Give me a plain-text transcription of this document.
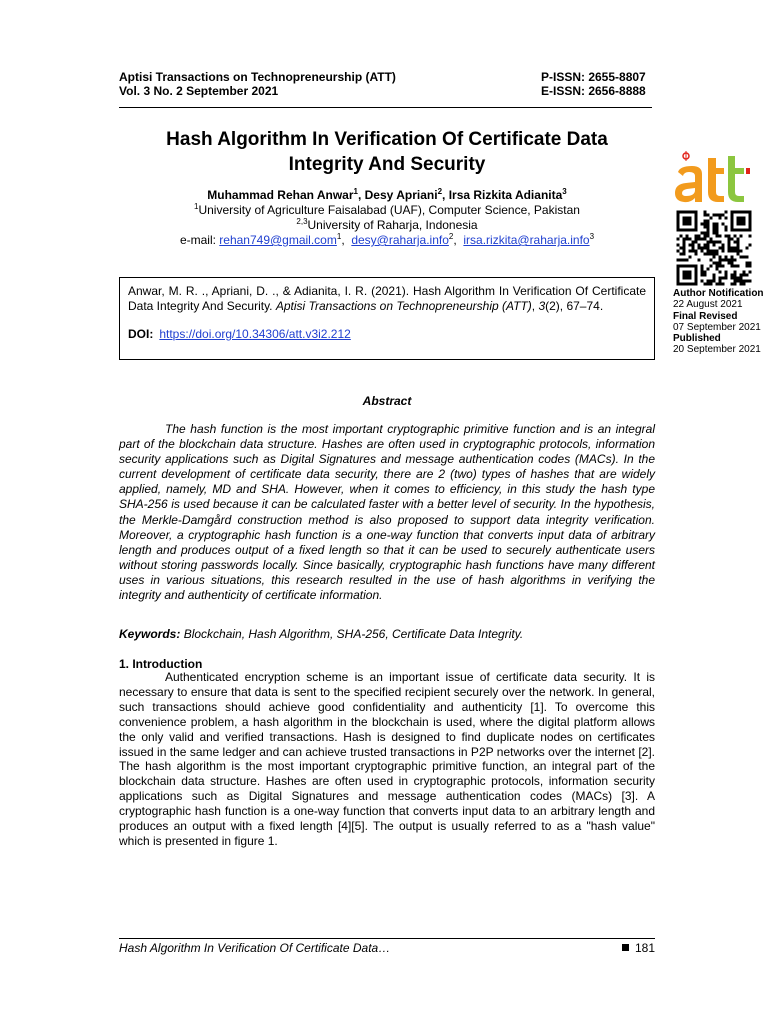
Aptisi Transactions on Technopreneurship (ATT)
Vol. 3 No. 2 September 2021
P-ISSN: 2655-8807
E-ISSN: 2656-8888
Hash Algorithm In Verification Of Certificate Data
Integrity And Security
Muhammad Rehan Anwar$^1$, Desy Apriani$^2$, Irsa Rizkita Adianita$^3$
$^1$University of Agriculture Faisalabad (UAF), Computer Science, Pakistan
$^{2,3}$University of Raharja, Indonesia
e-mail: rehan749@gmail.com$^1$,  desy@raharja.info$^2$,  irsa.rizkita@raharja.info$^3$
Author Notification
22 August 2021
Final Revised
07 September 2021
Published
20 September 2021

Anwar, M. R. ., Apriani, D. ., & Adianita, I. R. (2021). Hash Algorithm In Verification Of Certificate Data Integrity And Security. Aptisi Transactions on Technopreneurship (ATT), 3(2), 67–74.

DOI: https://doi.org/10.34306/att.v3i2.212
Abstract

The hash function is the most important cryptographic primitive function and is an integral part of the blockchain data structure. Hashes are often used in cryptographic protocols, information security applications such as Digital Signatures and message authentication codes (MACs). In the current development of certificate data security, there are 2 (two) types of hashes that are widely applied, namely, MD and SHA. However, when it comes to efficiency, in this study the hash type SHA-256 is used because it can be calculated faster with a better level of security. In the hypothesis, the Merkle-Damgård construction method is also proposed to support data integrity verification. Moreover, a cryptographic hash function is a one-way function that converts input data of arbitrary length and produces output of a fixed length so that it can be used to securely authenticate users without storing passwords locally. Since basically, cryptographic hash functions have many different uses in various situations, this research resulted in the use of hash algorithms in verifying the integrity and authenticity of certificate information.

Keywords: Blockchain, Hash Algorithm, SHA-256, Certificate Data Integrity.

1. Introduction

Authenticated encryption scheme is an important issue of certificate data security. It is necessary to ensure that data is sent to the specified recipient securely over the network. In general, such transactions should achieve good confidentiality and authenticity [1]. To overcome this convenience problem, a hash algorithm in the blockchain is used, where the digital platform allows the only valid and verified transactions. Hash is designed to find duplicate nodes on certificates issued in the same ledger and can achieve trusted transactions in P2P networks over the internet [2]. The hash algorithm is the most important cryptographic primitive function, an integral part of the blockchain data structure. Hashes are often used in cryptographic protocols, information security applications such as Digital Signatures and message authentication codes (MACs) [3]. A cryptographic hash function is a one-way function that converts input data to an arbitrary length and produces an output with a fixed length [4][5]. The output is usually referred to as a "hash value" which is presented in figure 1.

Hash Algorithm In Verification Of Certificate Data…	181
